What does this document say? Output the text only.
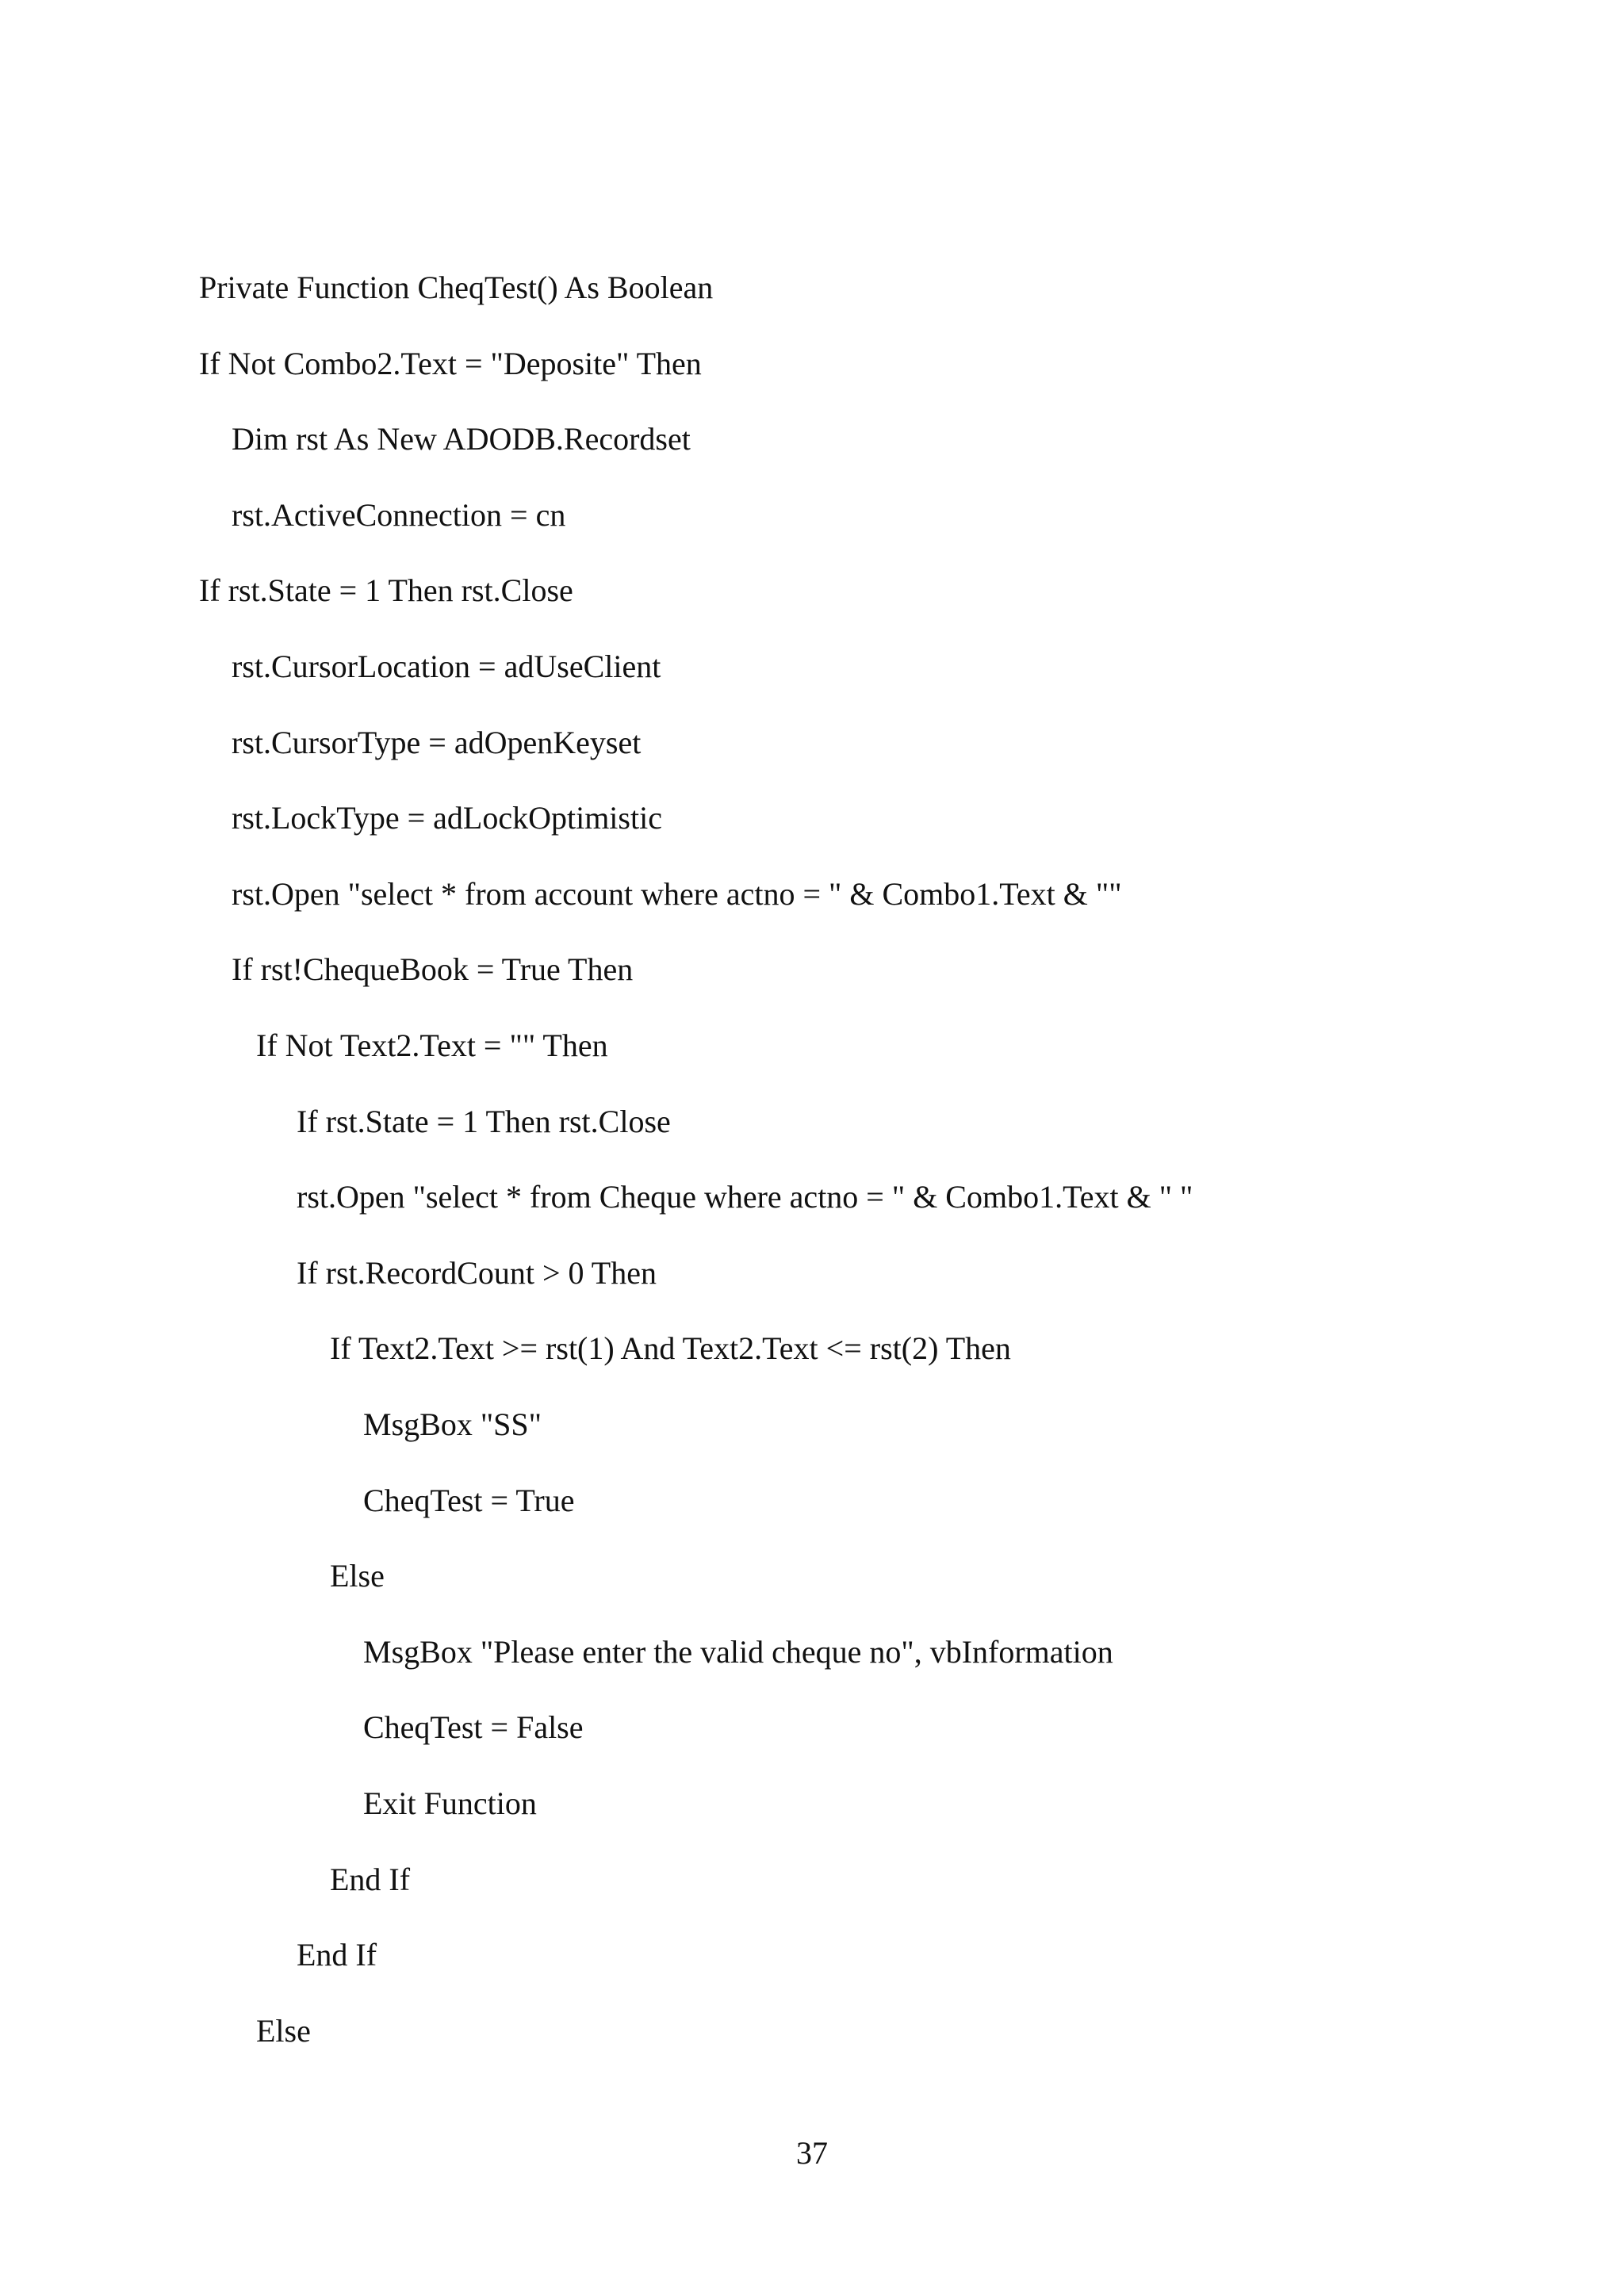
Private Function CheqTest() As Boolean
If Not Combo2.Text = "Deposite" Then
Dim rst As New ADODB.Recordset
rst.ActiveConnection = cn
If rst.State = 1 Then rst.Close
rst.CursorLocation = adUseClient
rst.CursorType = adOpenKeyset
rst.LockType = adLockOptimistic
rst.Open "select * from account where actno = " & Combo1.Text & ""
If rst!ChequeBook = True Then
If Not Text2.Text = "" Then
If rst.State = 1 Then rst.Close
rst.Open "select * from Cheque where actno = " & Combo1.Text & " "
If rst.RecordCount > 0 Then
If Text2.Text >= rst(1) And Text2.Text <= rst(2) Then
MsgBox "SS"
CheqTest = True
Else
MsgBox "Please enter the valid cheque no", vbInformation
CheqTest = False
Exit Function
End If
End If
Else
37
